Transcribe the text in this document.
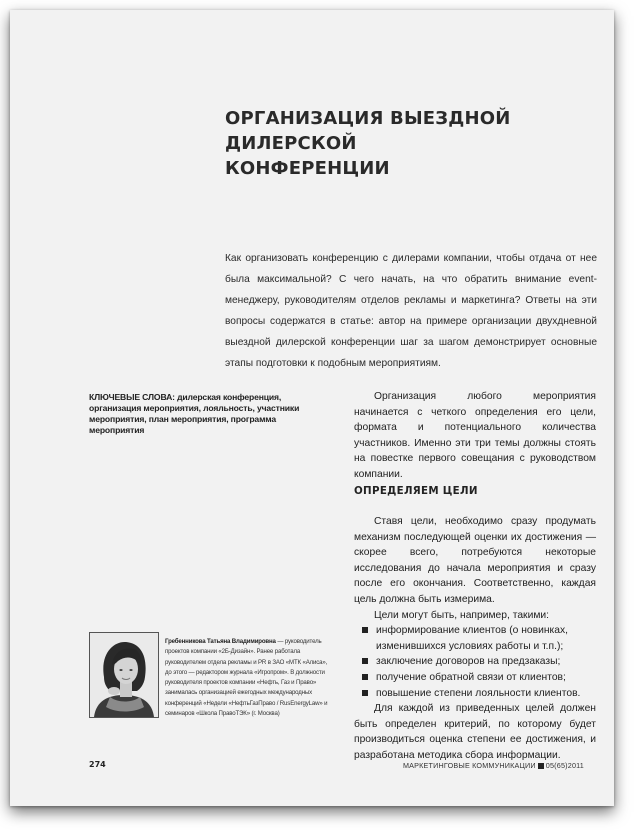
ОРГАНИЗАЦИЯ ВЫЕЗДНОЙ ДИЛЕРСКОЙ
КОНФЕРЕНЦИИ

Как организовать конференцию с дилерами компании, чтобы отдача от нее была максимальной? С чего начать, на что обратить внимание event-менеджеру, руководителям отделов рекламы и маркетинга? Ответы на эти вопросы содержатся в статье: автор на примере организации двухдневной выездной дилерской конференции шаг за шагом демонстрирует основные этапы подготовки к подобным мероприятиям.

КЛЮЧЕВЫЕ СЛОВА: дилерская конференция, организация мероприятия, лояльность, участники мероприятия, план мероприятия, программа мероприятия

Организация любого мероприятия начинается с четкого определения его цели, формата и потенциального количества участников. Именно эти три темы должны стоять на повестке первого совещания с руководством компании.

ОПРЕДЕЛЯЕМ ЦЕЛИ

Ставя цели, необходимо сразу продумать механизм последующей оценки их достижения — скорее всего, потребуются некоторые исследования до начала мероприятия и сразу после его окончания. Соответственно, каждая цель должна быть измерима.

Цели могут быть, например, такими:

информирование клиентов (о новинках, изменившихся условиях работы и т.п.);

заключение договоров на предзаказы;

получение обратной связи от клиентов;

повышение степени лояльности клиентов.

Для каждой из приведенных целей должен быть определен критерий, по которому будет производиться оценка степени ее достижения, и разработана методика сбора информации.

Гребенникова Татьяна Владимировна — руководитель проектов компании «2Б-Дизайн». Ранее работала руководителем отдела рекламы и PR в ЗАО «МТК «Алиса», до этого — редактором журнала «Игропром». В должности руководителя проектов компании «Нефть, Газ и Право» занималась организацией ежегодных международных конференций «Недели «НефтьГазПраво / RusEnergyLaw» и семинаров «Школа ПравоТЭК» (г. Москва)

274	МАРКЕТИНГОВЫЕ КОММУНИКАЦИИ 05(65)2011
